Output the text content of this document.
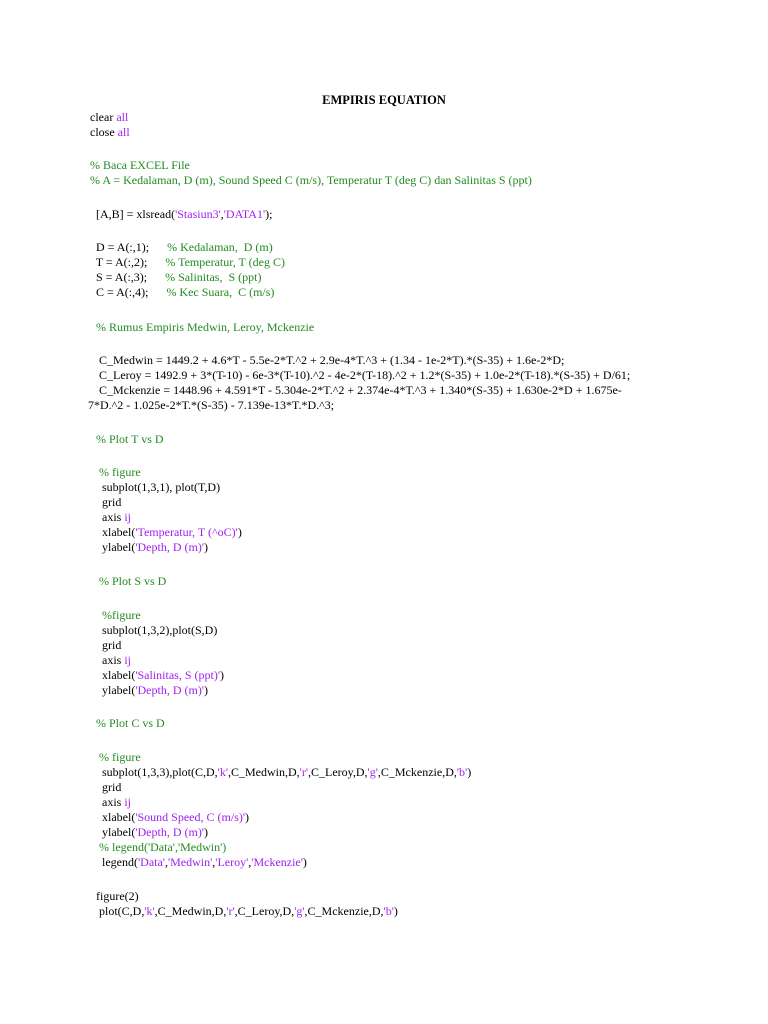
EMPIRIS EQUATION
clear all
close all
% Baca EXCEL File
% A = Kedalaman, D (m), Sound Speed C (m/s), Temperatur T (deg C) dan Salinitas S (ppt)
[A,B] = xlsread('Stasiun3','DATA1');
D = A(:,1);      % Kedalaman,  D (m)
T = A(:,2);      % Temperatur, T (deg C)
S = A(:,3);      % Salinitas,  S (ppt)
C = A(:,4);      % Kec Suara,  C (m/s)
% Rumus Empiris Medwin, Leroy, Mckenzie
C_Medwin = 1449.2 + 4.6*T - 5.5e-2*T.^2 + 2.9e-4*T.^3 + (1.34 - 1e-2*T).*(S-35) + 1.6e-2*D;
C_Leroy = 1492.9 + 3*(T-10) - 6e-3*(T-10).^2 - 4e-2*(T-18).^2 + 1.2*(S-35) + 1.0e-2*(T-18).*(S-35) + D/61;
C_Mckenzie = 1448.96 + 4.591*T - 5.304e-2*T.^2 + 2.374e-4*T.^3 + 1.340*(S-35) + 1.630e-2*D + 1.675e-
7*D.^2 - 1.025e-2*T.*(S-35) - 7.139e-13*T.*D.^3;
% Plot T vs D
% figure
subplot(1,3,1), plot(T,D)
grid
axis ij
xlabel('Temperatur, T (^oC)')
ylabel('Depth, D (m)')
% Plot S vs D
%figure
subplot(1,3,2),plot(S,D)
grid
axis ij
xlabel('Salinitas, S (ppt)')
ylabel('Depth, D (m)')
% Plot C vs D
% figure
subplot(1,3,3),plot(C,D,'k',C_Medwin,D,'r',C_Leroy,D,'g',C_Mckenzie,D,'b')
grid
axis ij
xlabel('Sound Speed, C (m/s)')
ylabel('Depth, D (m)')
% legend('Data','Medwin')
legend('Data','Medwin','Leroy','Mckenzie')
figure(2)
plot(C,D,'k',C_Medwin,D,'r',C_Leroy,D,'g',C_Mckenzie,D,'b')
